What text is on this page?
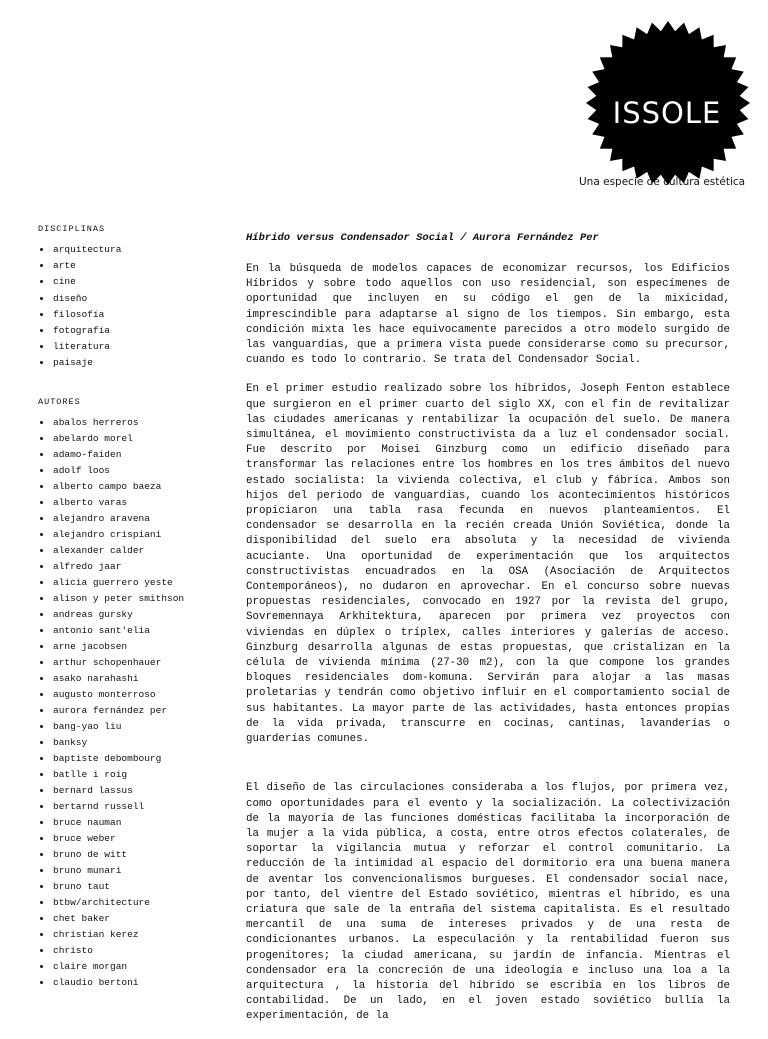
ISSOLE
Una especie de cultura estética
DISCIPLINAS
arquitectura
arte
cine
diseño
filosofía
fotografía
literatura
paisaje
AUTORES
abalos herreros
abelardo morel
adamo-faiden
adolf loos
alberto campo baeza
alberto varas
alejandro aravena
alejandro crispiani
alexander calder
alfredo jaar
alicia guerrero yeste
alison y peter smithson
andreas gursky
antonio sant'elia
arne jacobsen
arthur schopenhauer
asako narahashi
augusto monterroso
aurora fernández per
bang-yao liu
banksy
baptiste debombourg
batlle i roig
bernard lassus
bertarnd russell
bruce nauman
bruce weber
bruno de witt
bruno munari
bruno taut
btbw/architecture
chet baker
christian kerez
christo
claire morgan
claudio bertoni
Híbrido versus Condensador Social / Aurora Fernández Per

En la búsqueda de modelos capaces de economizar recursos, los Edificios Híbridos y sobre todo aquellos con uso residencial, son especímenes de oportunidad que incluyen en su código el gen de la mixicidad, imprescindible para adaptarse al signo de los tiempos. Sin embargo, esta condición mixta les hace equivocamente parecidos a otro modelo surgido de las vanguardias, que a primera vista puede considerarse como su precursor, cuando es todo lo contrario. Se trata del Condensador Social.

En el primer estudio realizado sobre los híbridos, Joseph Fenton establece que surgieron en el primer cuarto del siglo XX, con el fin de revitalizar las ciudades americanas y rentabilizar la ocupación del suelo. De manera simultánea, el movimiento constructivista da a luz el condensador social. Fue descrito por Moisei Ginzburg como un edificio diseñado para transformar las relaciones entre los hombres en los tres ámbitos del nuevo estado socialista: la vivienda colectiva, el club y fábrica. Ambos son hijos del periodo de vanguardias, cuando los acontecimientos históricos propiciaron una tabla rasa fecunda en nuevos planteamientos. El condensador se desarrolla en la recién creada Unión Soviética, donde la disponibilidad del suelo era absoluta y la necesidad de vivienda acuciante. Una oportunidad de experimentación que los arquitectos constructivistas encuadrados en la OSA (Asociación de Arquitectos Contemporáneos), no dudaron en aprovechar. En el concurso sobre nuevas propuestas residenciales, convocado en 1927 por la revista del grupo, Sovremennaya Arkhitektura, aparecen por primera vez proyectos con viviendas en dúplex o tríplex, calles interiores y galerías de acceso. Ginzburg desarrolla algunas de estas propuestas, que cristalizan en la célula de vivienda mínima (27-30 m2), con la que compone los grandes bloques residenciales dom-komuna. Servirán para alojar a las masas proletarias y tendrán como objetivo influir en el comportamiento social de sus habitantes. La mayor parte de las actividades, hasta entonces propias de la vida privada, transcurre en cocinas, cantinas, lavanderías o guarderías comunes.

El diseño de las circulaciones consideraba a los flujos, por primera vez, como oportunidades para el evento y la socialización. La colectivización de la mayoría de las funciones domésticas facilitaba la incorporación de la mujer a la vida pública, a costa, entre otros efectos colaterales, de soportar la vigilancia mutua y reforzar el control comunitario. La reducción de la intimidad al espacio del dormitorio era una buena manera de aventar los convencionalismos burgueses. El condensador social nace, por tanto, del vientre del Estado soviético, mientras el híbrido, es una criatura que sale de la entraña del sistema capitalista. Es el resultado mercantil de una suma de intereses privados y de una resta de condicionantes urbanos. La especulación y la rentabilidad fueron sus progenitores; la ciudad americana, su jardín de infancia. Mientras el condensador era la concreción de una ideología e incluso una loa a la arquitectura , la historia del híbrido se escribía en los libros de contabilidad. De un lado, en el joven estado soviético bullía la experimentación, de la
